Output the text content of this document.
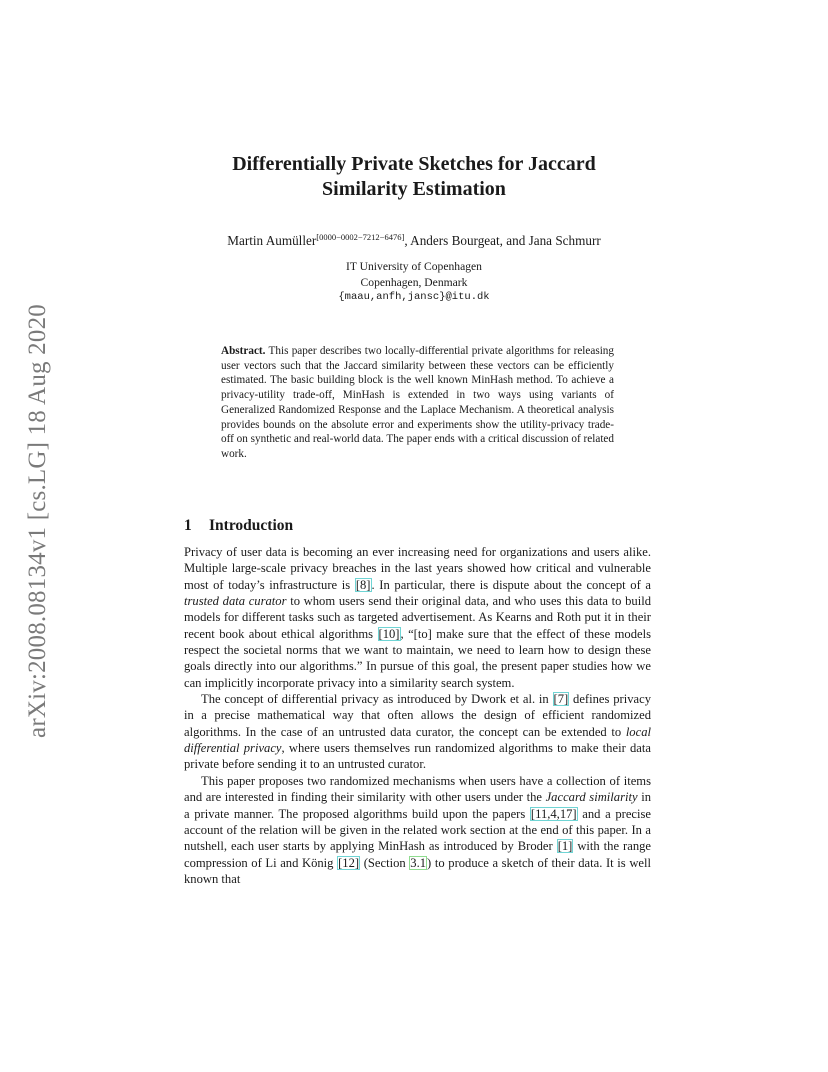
arXiv:2008.08134v1 [cs.LG] 18 Aug 2020
Differentially Private Sketches for Jaccard
Similarity Estimation
Martin Aumüller[0000−0002−7212−6476], Anders Bourgeat, and Jana Schmurr
IT University of Copenhagen
Copenhagen, Denmark
{maau,anfh,jansc}@itu.dk

Abstract. This paper describes two locally-differential private algorithms for releasing user vectors such that the Jaccard similarity between these vectors can be efficiently estimated. The basic building block is the well known MinHash method. To achieve a privacy-utility trade-off, MinHash is extended in two ways using variants of Generalized Randomized Response and the Laplace Mechanism. A theoretical analysis provides bounds on the absolute error and experiments show the utility-privacy trade-off on synthetic and real-world data. The paper ends with a critical discussion of related work.

1 Introduction

Privacy of user data is becoming an ever increasing need for organizations and users alike. Multiple large-scale privacy breaches in the last years showed how critical and vulnerable most of today’s infrastructure is [8]. In particular, there is dispute about the concept of a trusted data curator to whom users send their original data, and who uses this data to build models for different tasks such as targeted advertisement. As Kearns and Roth put it in their recent book about ethical algorithms [10], “[to] make sure that the effect of these models respect the societal norms that we want to maintain, we need to learn how to design these goals directly into our algorithms.” In pursue of this goal, the present paper studies how we can implicitly incorporate privacy into a similarity search system.

The concept of differential privacy as introduced by Dwork et al. in [7] defines privacy in a precise mathematical way that often allows the design of efficient randomized algorithms. In the case of an untrusted data curator, the concept can be extended to local differential privacy, where users themselves run randomized algorithms to make their data private before sending it to an untrusted curator.

This paper proposes two randomized mechanisms when users have a collection of items and are interested in finding their similarity with other users under the Jaccard similarity in a private manner. The proposed algorithms build upon the papers [11,4,17] and a precise account of the relation will be given in the related work section at the end of this paper. In a nutshell, each user starts by applying MinHash as introduced by Broder [1] with the range compression of Li and König [12] (Section 3.1) to produce a sketch of their data. It is well known that
